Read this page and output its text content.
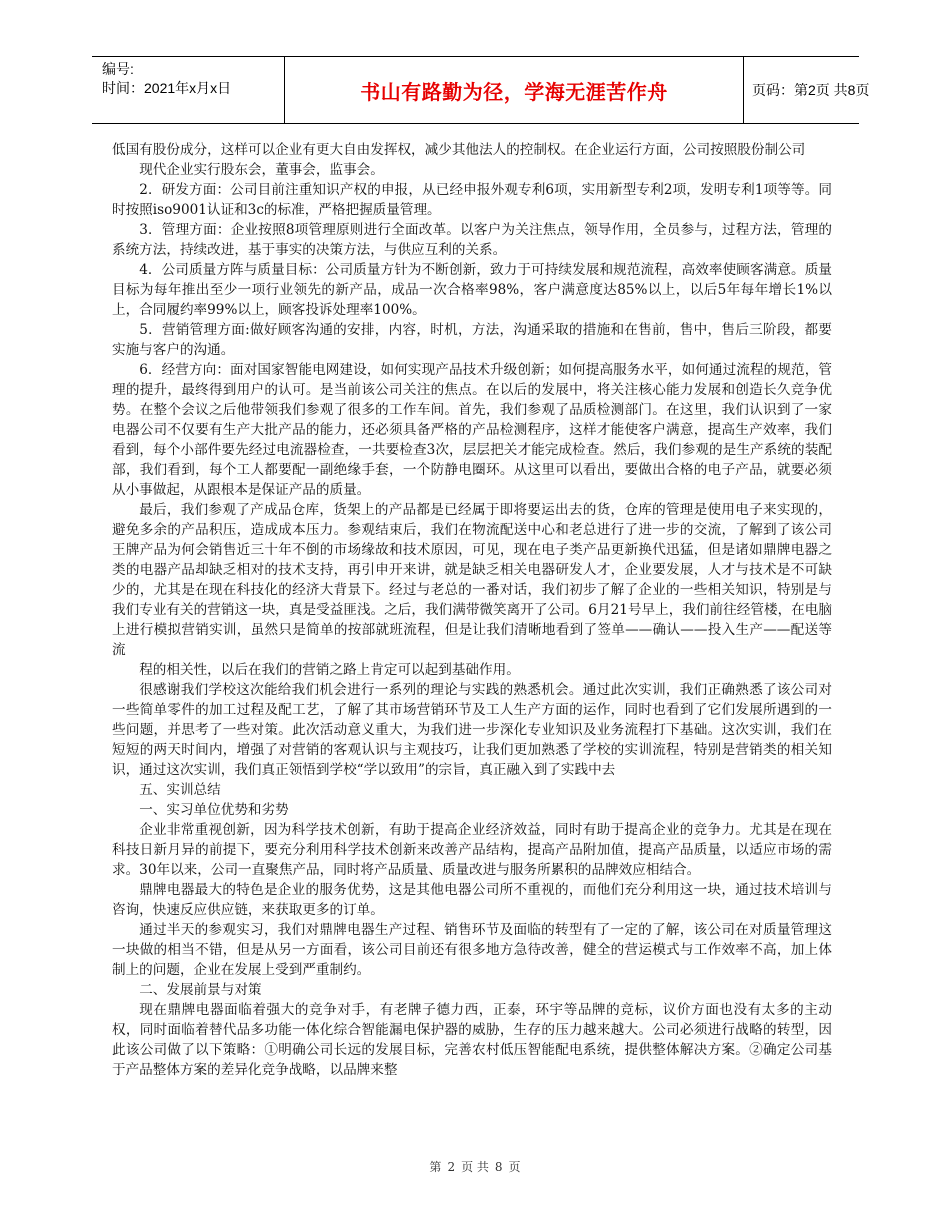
编号:
时间：2021年x月x日	书山有路勤为径，学海无涯苦作舟	页码：第2页 共8页

低国有股份成分，这样可以企业有更大自由发挥权，减少其他法人的控制权。在企业运行方面，公司按照股份制公司

现代企业实行股东会，董事会，监事会。

2．研发方面：公司目前注重知识产权的申报，从已经申报外观专利6项，实用新型专利2项，发明专利1项等等。同时按照iso9001认证和3c的标准，严格把握质量管理。

3．管理方面：企业按照8项管理原则进行全面改革。以客户为关注焦点，领导作用，全员参与，过程方法，管理的系统方法，持续改进，基于事实的决策方法，与供应互利的关系。

4．公司质量方阵与质量目标：公司质量方针为不断创新，致力于可持续发展和规范流程，高效率使顾客满意。质量目标为每年推出至少一项行业领先的新产品，成品一次合格率98%，客户满意度达85%以上，以后5年每年增长1%以上，合同履约率99%以上，顾客投诉处理率100%。

5．营销管理方面:做好顾客沟通的安排，内容，时机，方法，沟通采取的措施和在售前，售中，售后三阶段，都要实施与客户的沟通。

6．经营方向：面对国家智能电网建设，如何实现产品技术升级创新；如何提高服务水平，如何通过流程的规范，管理的提升，最终得到用户的认可。是当前该公司关注的焦点。在以后的发展中，将关注核心能力发展和创造长久竞争优势。在整个会议之后他带领我们参观了很多的工作车间。首先，我们参观了品质检测部门。在这里，我们认识到了一家电器公司不仅要有生产大批产品的能力，还必须具备严格的产品检测程序，这样才能使客户满意，提高生产效率，我们看到，每个小部件要先经过电流器检查，一共要检查3次，层层把关才能完成检查。然后，我们参观的是生产系统的装配部，我们看到，每个工人都要配一副绝缘手套，一个防静电圈环。从这里可以看出，要做出合格的电子产品，就要必须从小事做起，从跟根本是保证产品的质量。

最后，我们参观了产成品仓库，货架上的产品都是已经属于即将要运出去的货，仓库的管理是使用电子来实现的，避免多余的产品积压，造成成本压力。参观结束后，我们在物流配送中心和老总进行了进一步的交流，了解到了该公司王牌产品为何会销售近三十年不倒的市场缘故和技术原因，可见，现在电子类产品更新换代迅猛，但是诸如鼎牌电器之类的电器产品却缺乏相对的技术支持，再引申开来讲，就是缺乏相关电器研发人才，企业要发展，人才与技术是不可缺少的，尤其是在现在科技化的经济大背景下。经过与老总的一番对话，我们初步了解了企业的一些相关知识，特别是与我们专业有关的营销这一块，真是受益匪浅。之后，我们满带微笑离开了公司。6月21号早上，我们前往经管楼，在电脑上进行模拟营销实训，虽然只是简单的按部就班流程，但是让我们清晰地看到了签单——确认——投入生产——配送等流

程的相关性，以后在我们的营销之路上肯定可以起到基础作用。

很感谢我们学校这次能给我们机会进行一系列的理论与实践的熟悉机会。通过此次实训，我们正确熟悉了该公司对一些简单零件的加工过程及配工艺，了解了其市场营销环节及工人生产方面的运作，同时也看到了它们发展所遇到的一些问题，并思考了一些对策。此次活动意义重大，为我们进一步深化专业知识及业务流程打下基础。这次实训，我们在短短的两天时间内，增强了对营销的客观认识与主观技巧，让我们更加熟悉了学校的实训流程，特别是营销类的相关知识，通过这次实训，我们真正领悟到学校“学以致用”的宗旨，真正融入到了实践中去

五、实训总结

一、实习单位优势和劣势

企业非常重视创新，因为科学技术创新，有助于提高企业经济效益，同时有助于提高企业的竞争力。尤其是在现在科技日新月异的前提下，要充分利用科学技术创新来改善产品结构，提高产品附加值，提高产品质量，以适应市场的需求。30年以来，公司一直聚焦产品，同时将产品质量、质量改进与服务所累积的品牌效应相结合。

鼎牌电器最大的特色是企业的服务优势，这是其他电器公司所不重视的，而他们充分利用这一块，通过技术培训与咨询，快速反应供应链，来获取更多的订单。

通过半天的参观实习，我们对鼎牌电器生产过程、销售环节及面临的转型有了一定的了解，该公司在对质量管理这一块做的相当不错，但是从另一方面看，该公司目前还有很多地方急待改善，健全的营运模式与工作效率不高，加上体制上的问题，企业在发展上受到严重制约。

二、发展前景与对策

现在鼎牌电器面临着强大的竞争对手，有老牌子德力西，正泰，环宇等品牌的竞标，议价方面也没有太多的主动权，同时面临着替代品多功能一体化综合智能漏电保护器的威胁，生存的压力越来越大。公司必须进行战略的转型，因此该公司做了以下策略：①明确公司长远的发展目标，完善农村低压智能配电系统，提供整体解决方案。②确定公司基于产品整体方案的差异化竞争战略，以品牌来整

第 2 页 共 8 页
